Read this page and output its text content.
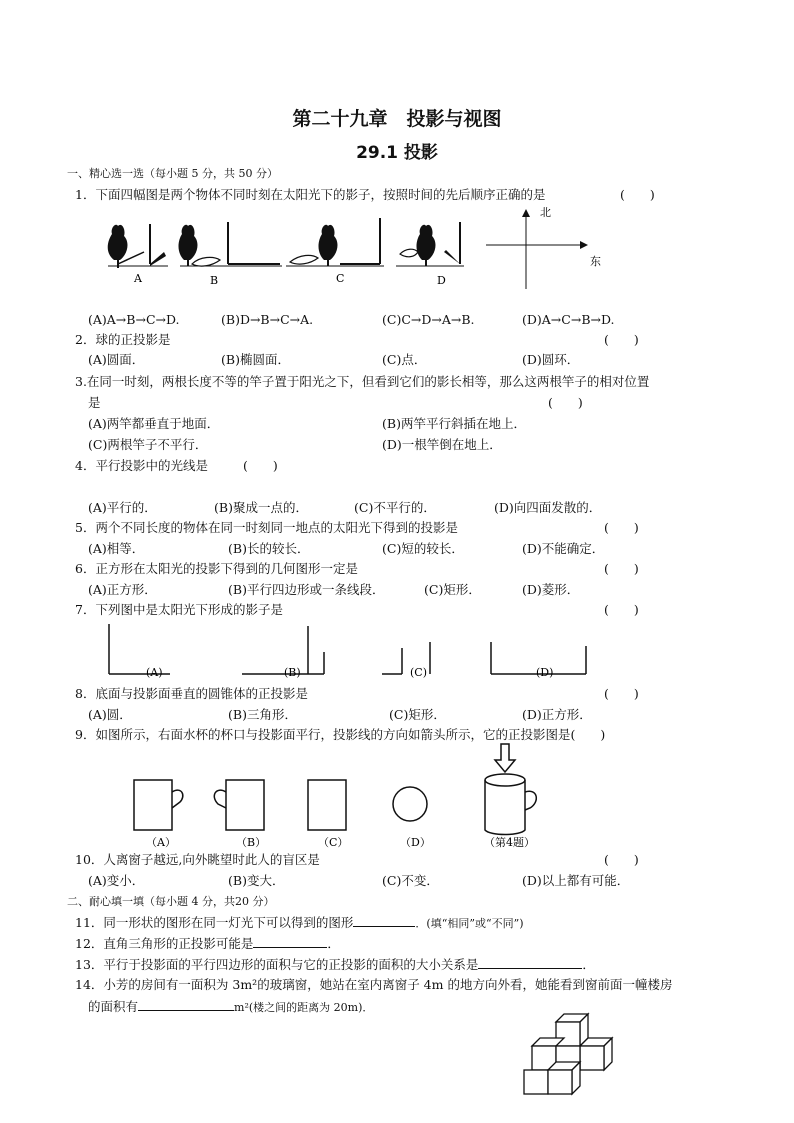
第二十九章　投影与视图
29.1 投影
一、精心选一选（每小题 5 分，共 50 分）
1．下面四幅图是两个物体不同时刻在太阳光下的影子，按照时间的先后顺序正确的是	(　　)
A	B	C	D
北
东
(A)A→B→C→D.	(B)D→B→C→A.	(C)C→D→A→B.	(D)A→C→B→D.
2．球的正投影是	(　　)
(A)圆面．	(B)椭圆面．	(C)点．	(D)圆环．
3.在同一时刻，两根长度不等的竿子置于阳光之下，但看到它们的影长相等，那么这两根竿子的相对位置
是	(　　)
(A)两竿都垂直于地面．	(B)两竿平行斜插在地上．
(C)两根竿子不平行．	(D)一根竿倒在地上．
4．平行投影中的光线是	(　　)
(A)平行的．	(B)聚成一点的．	(C)不平行的．	(D)向四面发散的．
5．两个不同长度的物体在同一时刻同一地点的太阳光下得到的投影是	(　　)
(A)相等．	(B)长的较长．	(C)短的较长．	(D)不能确定．
6．正方形在太阳光的投影下得到的几何图形一定是	(　　)
(A)正方形．	(B)平行四边形或一条线段．	(C)矩形．	(D)菱形．
7．下列图中是太阳光下形成的影子是	(　　)
(A)	(B)	(C)	(D)
8．底面与投影面垂直的圆锥体的正投影是	(　　)
(A)圆．	(B)三角形．	(C)矩形．	(D)正方形．
9．如图所示，右面水杯的杯口与投影面平行，投影线的方向如箭头所示，它的正投影图是(　　)
（A）	（B）	（C）	（D）	（第4题）
10．人离窗子越远,向外眺望时此人的盲区是	(　　)
(A)变小．	(B)变大．	(C)不变．	(D)以上都有可能．
二、耐心填一填（每小题 4 分，共20 分）
11．同一形状的图形在同一灯光下可以得到的图形	．(填“相同”或“不同”)
12．直角三角形的正投影可能是	．
13．平行于投影面的平行四边形的面积与它的正投影的面积的大小关系是	．
14．小芳的房间有一面积为 3m²的玻璃窗，她站在室内离窗子 4m 的地方向外看，她能看到窗前面一幢楼房
的面积有	m²(楼之间的距离为 20m)．
